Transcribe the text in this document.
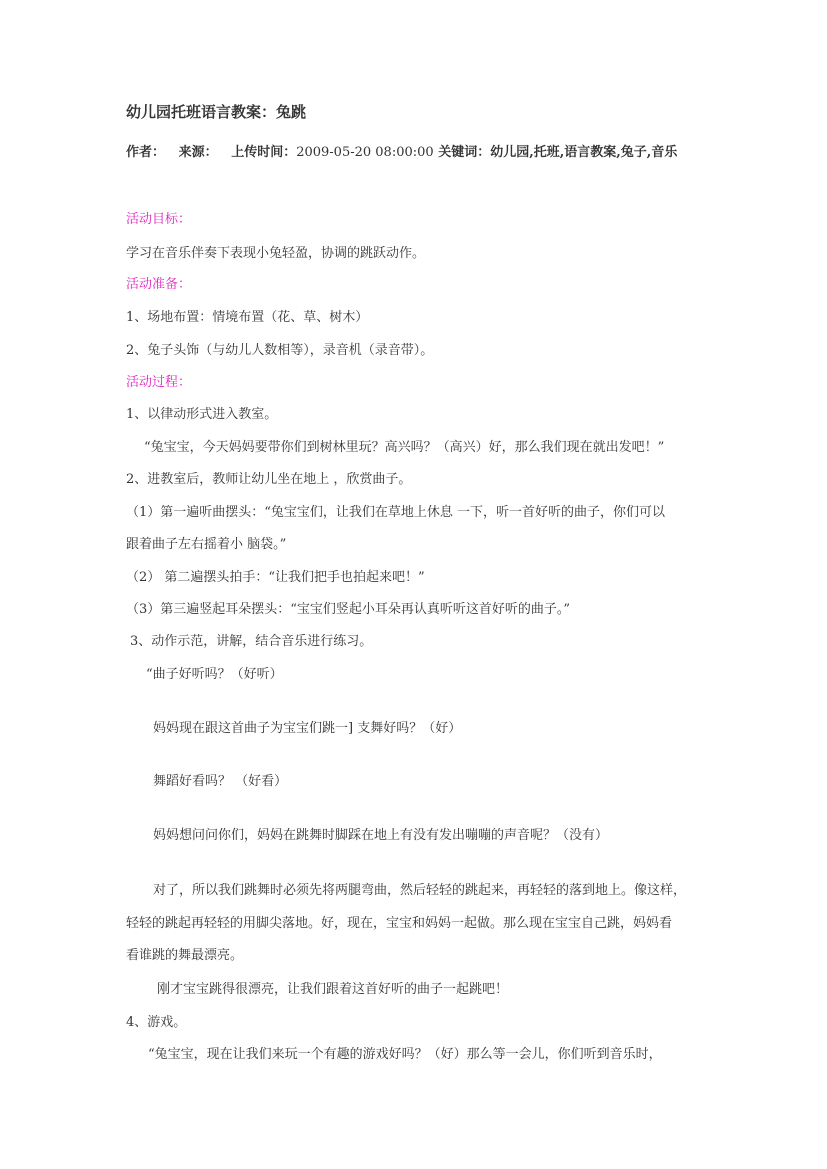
幼儿园托班语言教案：兔跳
作者： 来源： 上传时间：2009-05-20 08:00:00 关键词：幼儿园,托班,语言教案,兔子,音乐
活动目标：
学习在音乐伴奏下表现小兔轻盈，协调的跳跃动作。
活动准备：
1、场地布置：情境布置（花、草、树木）
2、兔子头饰（与幼儿人数相等），录音机（录音带）。
活动过程：
1、以律动形式进入教室。
“兔宝宝，今天妈妈要带你们到树林里玩？高兴吗？（高兴）好，那么我们现在就出发吧！”
2、进教室后，教师让幼儿坐在地上 ，欣赏曲子。
（1）第一遍听曲摆头：“兔宝宝们，让我们在草地上休息 一下，听一首好听的曲子，你们可以
跟着曲子左右摇着小 脑袋。”
（2） 第二遍摆头拍手：“让我们把手也拍起来吧！”
（3）第三遍竖起耳朵摆头：“宝宝们竖起小耳朵再认真听听这首好听的曲子。”
3、动作示范，讲解，结合音乐进行练习。
“曲子好听吗？（好听）
妈妈现在跟这首曲子为宝宝们跳一] 支舞好吗？（好）
舞蹈好看吗？ （好看）
妈妈想问问你们，妈妈在跳舞时脚踩在地上有没有发出嘣嘣的声音呢？（没有）
对了，所以我们跳舞时必须先将两腿弯曲，然后轻轻的跳起来，再轻轻的落到地上。像这样，
轻轻的跳起再轻轻的用脚尖落地。好，现在，宝宝和妈妈一起做。那么现在宝宝自己跳，妈妈看
看谁跳的舞最漂亮。
刚才宝宝跳得很漂亮，让我们跟着这首好听的曲子一起跳吧！
4、游戏。
“兔宝宝，现在让我们来玩一个有趣的游戏好吗？（好）那么等一会儿，你们听到音乐时，
